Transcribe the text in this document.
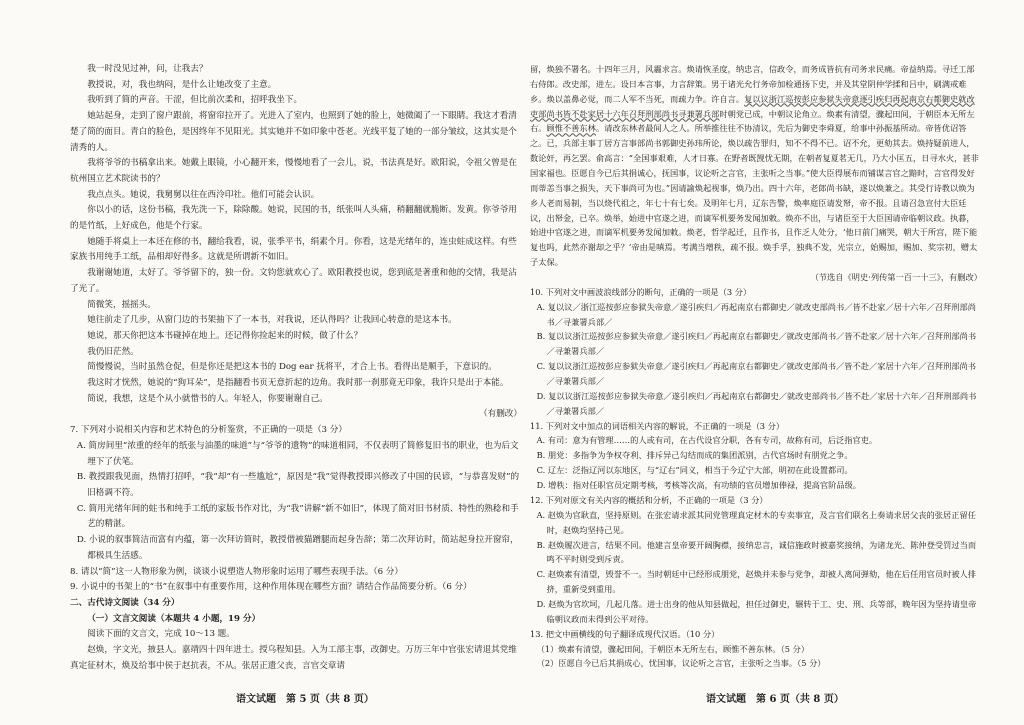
我一时没见过神，问，让我去？

教授说，对，我也纳闷，是什么让她改变了主意。

我听到了简的声音。干涩，但比前次柔和，招呼我坐下。

她站起身，走到了窗户跟前，将窗帘拉开了。光进入了室内，也照到了她的脸上，她微阖了一下眼睛。我这才看清楚了简的面目。青白的脸色，是因终年不见阳光。其实她并不如印象中苍老。光线平复了她的一部分皱纹，这其实是个清秀的人。

我将爷爷的书稿拿出来。她戴上眼镜，小心翻开来，慢慢地看了一会儿，说，书法真是好。欧阳说，令祖父曾是在杭州国立艺术院读书的？

我点点头。她说，我舅舅以往在西泠印社。他们可能会认识。

你以小的话，这份书稿，我先洗一下，除除酸。她说，民国的书，纸张叫人头痛，稍翻翻就脆断、发黄。你爷爷用的是竹纸，上好成色，他是个行家。

她随手将桌上一本还在修的书，翻给我看，说，张季平书，绢素个月。你看，这是光绪年的，连虫蛀成这样。有些家族书用纯手工纸，品相却好得多。这就是所谓新不如旧。

我谢谢她道，太好了。爷爷留下的，独一份。文钧您就欢心了。欧阳教授也说，您到底是著重和他的交情，我是沾了光了。

简微笑，摇摇头。

她往前走了几步，从窗门边的书架抽下了一本书，对我说，还认得吗？让我回心转意的是这本书。

她说，那天你把这本书碰掉在地上。还记得你捡起来的时候，做了什么？

我仍旧茫然。

简慢慢说，当时虽然仓促，但是你还是把这本书的 Dog ear 抚将平，才合上书。看得出是顺手，下意识的。

我这时才恍然，她说的“狗耳朵”，是指翻看书页无意折起的边角。我时那一刹那竟无印象，我许只是出于本能。

简说，我想，这是个从小就惜书的人。年轻人，你要谢谢自己。

（有删改）

7. 下列对小说相关内容和艺术特色的分析鉴赏，不正确的一项是（3 分）

A. 简房间里“浓重的经年的纸张与油墨的味道”与“爷爷的遗物”的味道相同，不仅表明了简修复旧书的职业，也为后文埋下了伏笔。

B. 教授跟我见面，热情打招呼，“我”却“有一些尴尬”，原因是“我”觉得教授即兴修改了中国的民谚，“与恭喜发财”的旧格调不符。

C. 简用光绪年间的蛀书和纯手工纸的家版书作对比，为“我”讲解“新不如旧”，体现了简对旧书材质、特性的熟稔和手艺的精湛。

D. 小说的叙事简洁而富有内蕴，第一次拜访简时，教授借被猫蹭腿而起身告辞；第二次拜访时，简站起身拉开窗帘，都极具生活感。

8. 请以“简”这一人物形象为例，谈谈小说塑造人物形象时运用了哪些表现手法。（6 分）

9. 小说中的书架上的“书”在叙事中有重要作用，这种作用体现在哪些方面？请结合作品简要分析。（6 分）

二、古代诗文阅读（34 分）

（一）文言文阅读（本题共 4 小题，19 分）

阅读下面的文言文，完成 10～13 题。

赵焕，字文光，掖县人。嘉靖四十四年进士。授乌程知县。入为工部主事，改御史。万历三年中官张宏请退其党维真定征材木，焕及给事中侯于赵抗表，不从。张居正遗父丧，言官交章请

留，焕独不署名。十四年三月，风霾求言。焕请恢圣度，纳忠言，信政令，而务成皆抗有司务求民痛。帝益纳焉。寻迁工部右侍郎。改史部，进左。设日本言事，力言辞策。男于诸光允行务帝加检通扬下史，并及其堂阴仲学揉和吕中，刷满戒难乡。焕以盖鼻必觉，而二人军不当死，而疏力争。许自言。复以议浙江巡按彭应参狱失帝意逐引疾归再起南京右都御史就改吏部尚书皆不赴家居十六年召拜刑部尚书寻兼署兵部时朝党已成，中朝议论角立。焕素有清望，骤起田间，于朝臣本无所左右。顾惟不善东林。请改东林者最间人之人。所举推往往不协清议，先后为御史李舜夏，给事中孙振基所动。帝皆优诏答之。已，兵部主事丁居方言事部尚书郭御史孙玮所论，焕以疏告罪归，知不不得不已。诏不允，更劾其去。焕持疑前进人，数论奸，再乞罢。俞高言：“全国事艰难，人才日寡。在野者既觊忧无期，在朝者复夏茗无几，乃大小匡五，日寻水火，甚非国家福也。臣愿自今已后其捐诚心，抚国事，议论听之言官，主张听之当事。”使大臣得展布而铺谋言官之黯时，言官得发好而蒂恙当事之损失，天下事尚可为也。”因请諭焕起视事，焕乃出。四十六年，老郎尚书缺，遂以焕兼之。其受行诗教以焕为乡人老而易制，当以烧代祖之，年七十有七矣。及明年七月，辽东告警，焕率庭臣请发帑，帝不报。且请召急宣付大臣廷议，出帑金，已卒。焕举，始进中官遂之进，而谪军机要务发闻加敕。焕亦不出，与诸臣至于大臣国请帝临朝议政。执暮，始进中官遂之进，而谪军机要务发闻加敕。焕老，哲学起迁，且作书，且作乏人处分，‘他日前门痛哭，朝大于所宫，陛下能复也吗，此然亦谢却之乎？’帝由是嗔焉。考满当增秩，疏不报。焕手孚，独典不发，光宗立，始赐加，赐加、奖宗初，赠太子太保。

（节选自《明史·列传第一百一十三》，有删改）

10. 下列对文中画波浪线部分的断句，正确的一项是（3 分）

A. 复以议／浙江巡按彭应参狱失帝意／遂引疾归／再起南京右都御史／就改吏部尚书／皆不赴家／居十六年／召拜刑部尚书／寻兼署兵部／

B. 复以议浙江巡按彭应参狱失帝意／遂引疾归／再起南京右都御史／就改吏部尚书／皆不赴家／居十六年／召拜刑部尚书／寻兼署兵部／

C. 复以议浙江巡按彭应参狱失帝意／遂引疾归／再起南京右都御史／就改吏部尚书／皆不赴／家居十六年／召拜刑部尚书／寻兼署兵部／

D. 复以议浙江巡按彭应参狱失帝意／遂引疾归／再起南京右都御史／就改吏部尚书／皆不赴／家居十六年／召拜刑部尚书／寻兼署兵部／

11. 下列对文中加点的词语相关内容的解说，不正确的一项是（3 分）

A. 有司：意为有管理……的人或有司，在古代设官分职，各有专司，故称有司，后泛指官吏。

B. 朋党：多指争为争权夺利、排斥异己勾结而成的集团派别，古代官场时有朋党之争。

C. 辽左：泛指辽河以东地区，与“辽右”同义，相当于今辽宁大部，明初在此设置都司。

D. 增秩：指对任职官员定期考核，考核等次高，有功绩的官员增加俸禄，提高官阶品级。

12. 下列对原文有关内容的概括和分析，不正确的一项是（3 分）

A. 赵焕为官耿直，坚持原则。在张宏请求派其同党管理真定材木的专卖事宜，及言官们联名上奏请求居父丧的张居正留任时，赵焕均坚持己见。

B. 赵焕履次进言，结果不同。他建言皇帝要开阔胸襟，接纳忠言，诚信施政时被嘉奖接纳，为诸龙光、陈仲登受罚过当而鸣不平时则受到斥责。

C. 赵焕素有清望，毁誉不一。当时朝廷中已经形成朋党，赵焕并未参与党争，却被人离间弹劾，他在后任用官员时被人排挤，重新受到重用。

D. 赵焕为官坎坷，几起几落。进士出身的他从知县做起，担任过御史，辗转于工、史、刑、兵等部，晚年因为坚持请皇帝临朝议政而未得到公平对待。

13. 把文中画横线的句子翻译成现代汉语。（10 分）

（1）焕素有清望，骤起田间，于朝臣本无所左右，顾惟不善东林。（5 分）

（2）臣愿自今已后其捐成心，忧国事，议论听之言官，主张听之当事。（5 分）

语文试题　第 5 页（共 8 页）	语文试题　第 6 页（共 8 页）
